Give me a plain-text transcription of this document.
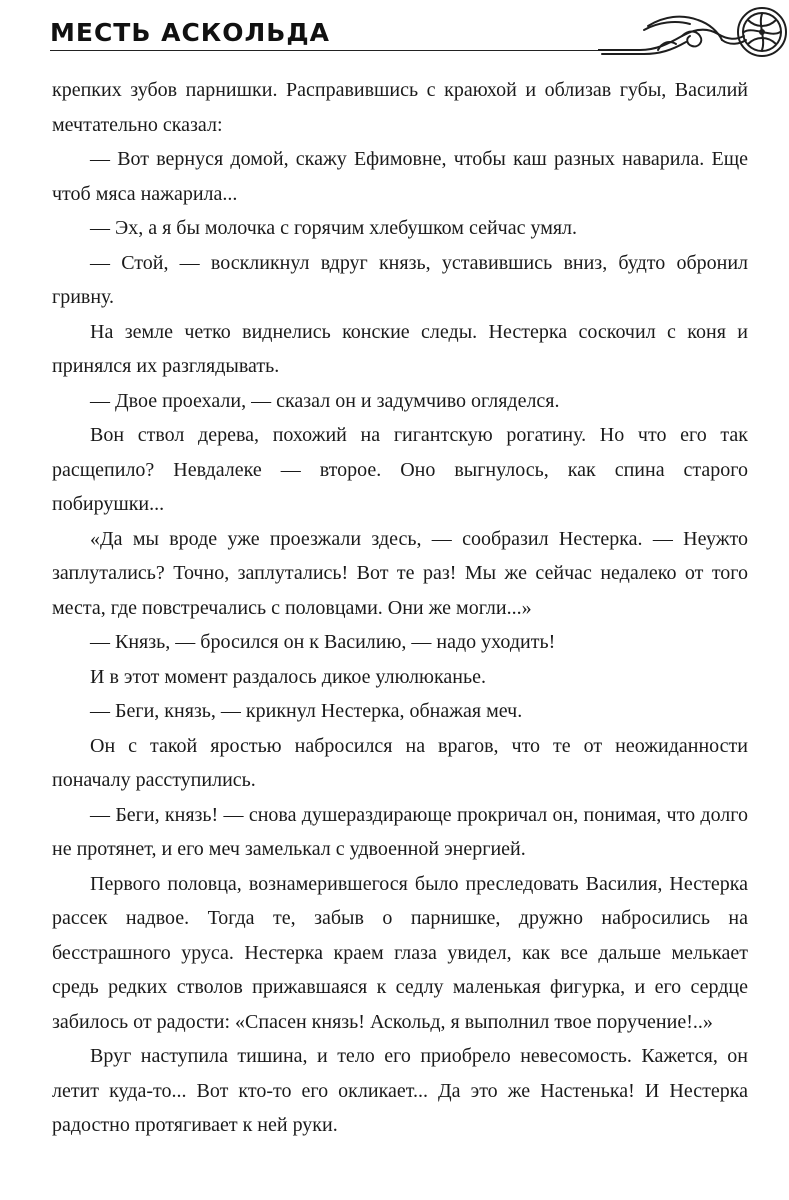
МЕСТЬ АСКОЛЬДА

крепких зубов парнишки. Расправившись с краюхой и облизав губы, Василий мечтательно сказал:

— Вот вернуся домой, скажу Ефимовне, чтобы каш разных наварила. Еще чтоб мяса нажарила...

— Эх, а я бы молочка с горячим хлебушком сейчас умял.

— Стой, — воскликнул вдруг князь, уставившись вниз, будто обронил гривну.

На земле четко виднелись конские следы. Нестерка соскочил с коня и принялся их разглядывать.

— Двое проехали, — сказал он и задумчиво огляделся.

Вон ствол дерева, похожий на гигантскую рогатину. Но что его так расщепило? Невдалеке — второе. Оно выгнулось, как спина старого побирушки...

«Да мы вроде уже проезжали здесь, — сообразил Нестерка. — Неужто заплутались? Точно, заплутались! Вот те раз! Мы же сейчас недалеко от того места, где повстречались с половцами. Они же могли...»

— Князь, — бросился он к Василию, — надо уходить!

И в этот момент раздалось дикое улюлюканье.

— Беги, князь, — крикнул Нестерка, обнажая меч.

Он с такой яростью набросился на врагов, что те от неожиданности поначалу расступились.

— Беги, князь! — снова душераздирающе прокричал он, понимая, что долго не протянет, и его меч замелькал с удвоенной энергией.

Первого половца, вознамерившегося было преследовать Василия, Нестерка рассек надвое. Тогда те, забыв о парнишке, дружно набросились на бесстрашного уруса. Нестерка краем глаза увидел, как все дальше мелькает средь редких стволов прижавшаяся к седлу маленькая фигурка, и его сердце забилось от радости: «Спасен князь! Аскольд, я выполнил твое поручение!..»

Вруг наступила тишина, и тело его приобрело невесомость. Кажется, он летит куда-то... Вот кто-то его окликает... Да это же Настенька! И Нестерка радостно протягивает к ней руки.
